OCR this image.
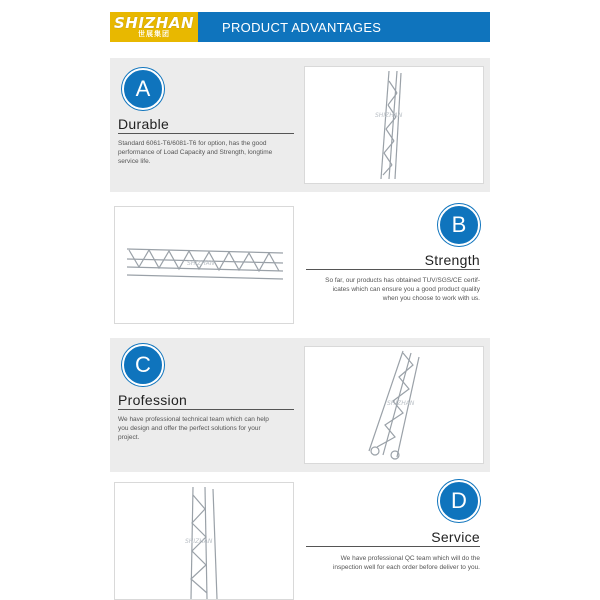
SHIZHAN
世展集团	PRODUCT ADVANTAGES
A
Durable
Standard 6061-T6/6081-T6 for option, has the good
performance of Load Capacity and Strength, longtime
service life.
SHIZHAN
SHIZHAN
B
Strength
So far, our products has obtained TUV/SGS/CE certif-
icates which can ensure you a good product quality
when you choose to work with us.
C
Profession
We have professional technical team which can help
you design and offer the perfect solutions for your
project.
SHIZHAN
SHIZHAN
D
Service
We have professional QC team which will do the
inspection well for each order before deliver to you.
